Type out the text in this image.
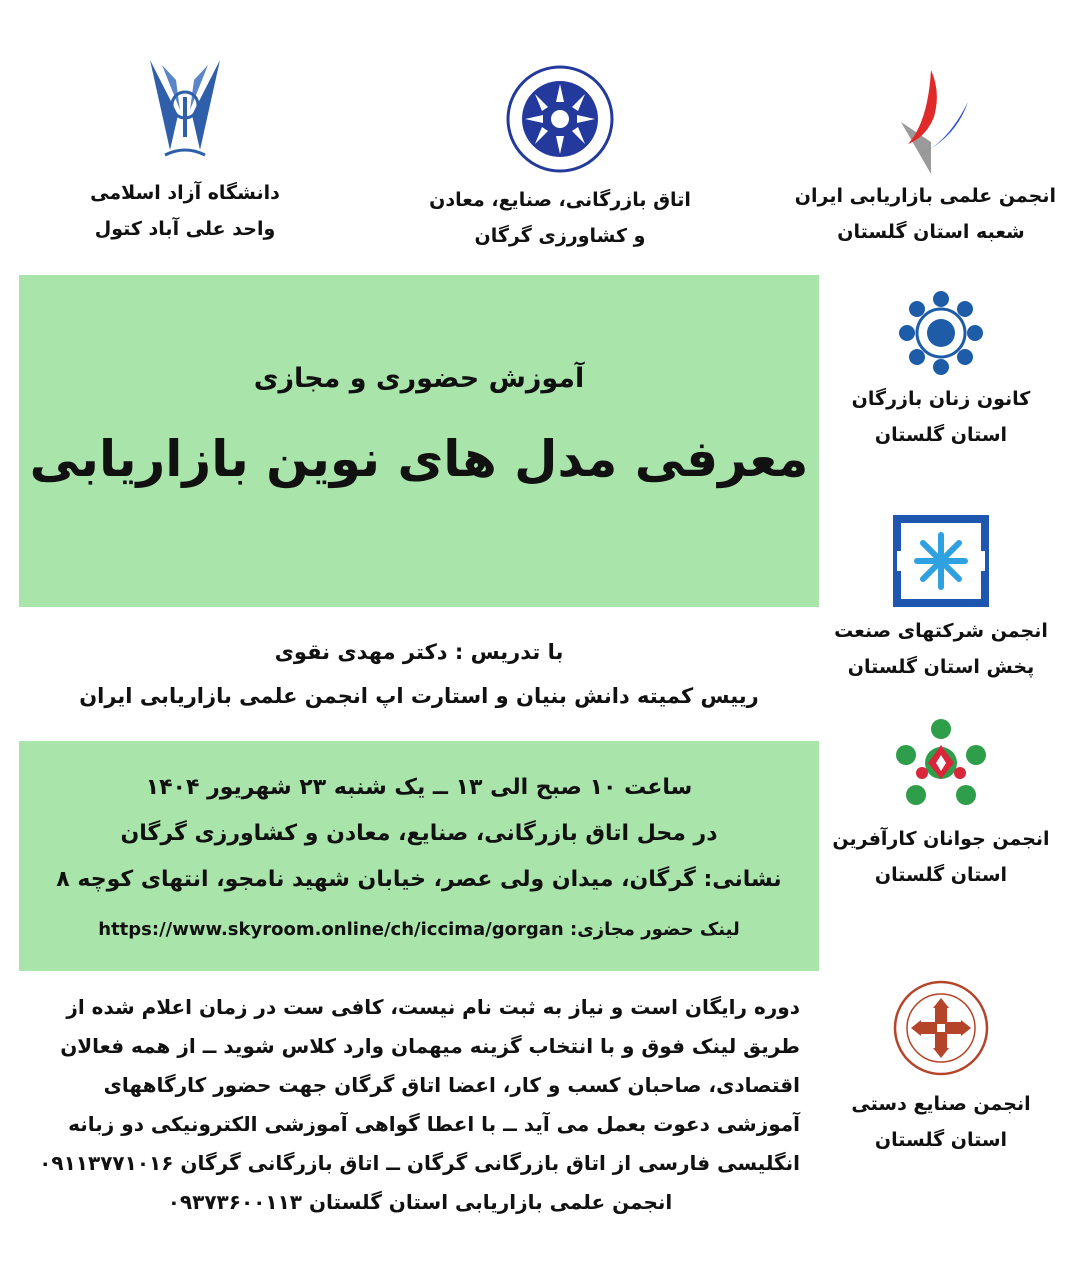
دانشگاه آزاد اسلامی
واحد علی آباد کتول
اتاق بازرگانی، صنایع، معادن
و کشاورزی گرگان
انجمن علمی بازاریابی ایران
شعبه استان گلستان
آموزش حضوری و مجازی
معرفی مدل های نوین بازاریابی
با تدریس : دکتر مهدی نقوی
رییس کمیته دانش بنیان و استارت اپ انجمن علمی بازاریابی ایران
ساعت ۱۰ صبح الی ۱۳ ــ یک شنبه ۲۳ شهریور ۱۴۰۴
در محل اتاق بازرگانی، صنایع، معادن و کشاورزی گرگان
نشانی: گرگان، میدان ولی عصر، خیابان شهید نامجو، انتهای کوچه ۸
لینک حضور مجازی: https://www.skyroom.online/ch/iccima/gorgan
دوره رایگان است و نیاز به ثبت نام نیست، کافی ست در زمان اعلام شده از
طریق لینک فوق و با انتخاب گزینه میهمان وارد کلاس شوید ــ از همه فعالان
اقتصادی، صاحبان کسب و کار، اعضا اتاق گرگان جهت حضور کارگاههای
آموزشی دعوت بعمل می آید ــ با اعطا گواهی آموزشی الکترونیکی دو زبانه
انگلیسی فارسی از اتاق بازرگانی گرگان ــ اتاق بازرگانی گرگان ۰۹۱۱۳۷۷۱۰۱۶
انجمن علمی بازاریابی استان گلستان ۰۹۳۷۳۶۰۰۱۱۳
کانون زنان بازرگان
استان گلستان
انجمن شرکتهای صنعت
پخش استان گلستان
انجمن جوانان کارآفرین
استان گلستان
انجمن صنایع دستی
استان گلستان
